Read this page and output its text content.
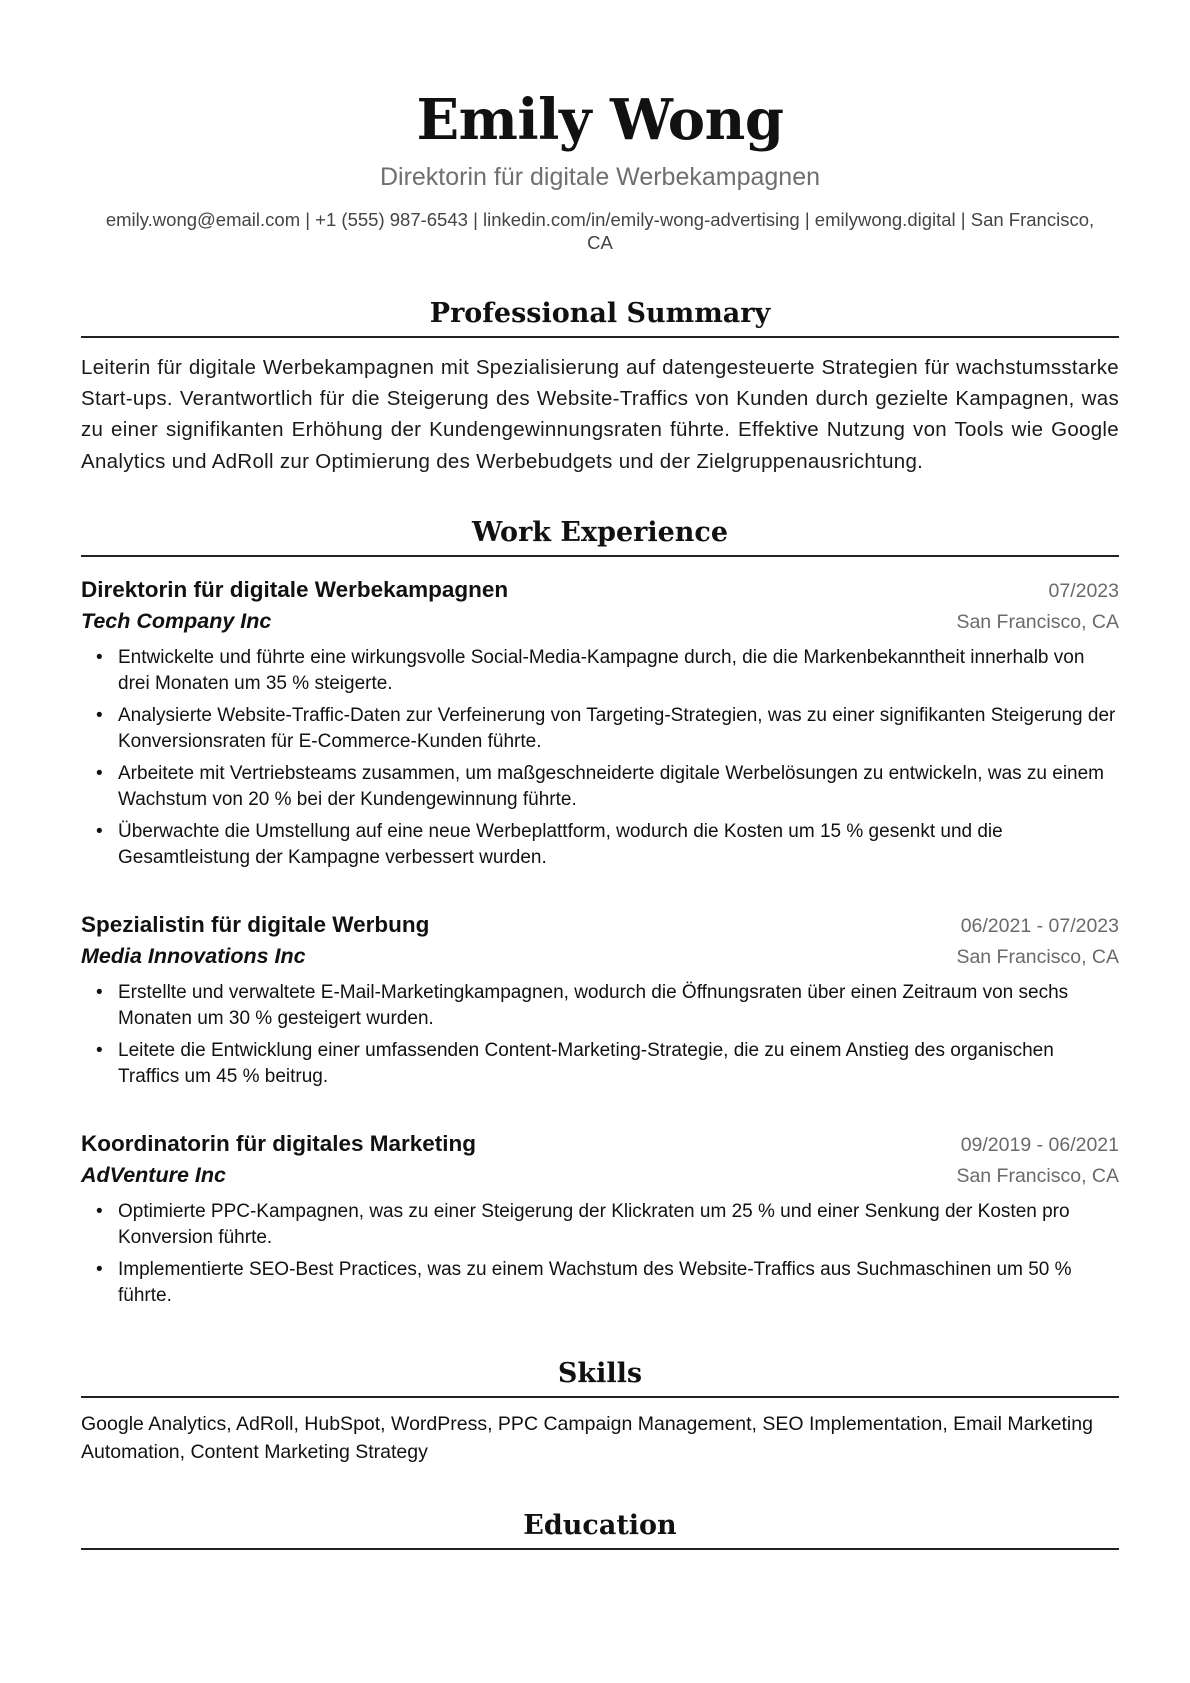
Emily Wong
Direktorin für digitale Werbekampagnen
emily.wong@email.com | +1 (555) 987-6543 | linkedin.com/in/emily-wong-advertising | emilywong.digital | San Francisco, CA
Professional Summary
Leiterin für digitale Werbekampagnen mit Spezialisierung auf datengesteuerte Strategien für wachstumsstarke Start-ups. Verantwortlich für die Steigerung des Website-Traffics von Kunden durch gezielte Kampagnen, was zu einer signifikanten Erhöhung der Kundengewinnungsraten führte. Effektive Nutzung von Tools wie Google Analytics und AdRoll zur Optimierung des Werbebudgets und der Zielgruppenausrichtung.
Work Experience
Direktorin für digitale Werbekampagnen	07/2023
Tech Company Inc	San Francisco, CA
• Entwickelte und führte eine wirkungsvolle Social-Media-Kampagne durch, die die Markenbekanntheit innerhalb von drei Monaten um 35 % steigerte.
• Analysierte Website-Traffic-Daten zur Verfeinerung von Targeting-Strategien, was zu einer signifikanten Steigerung der Konversionsraten für E-Commerce-Kunden führte.
• Arbeitete mit Vertriebsteams zusammen, um maßgeschneiderte digitale Werbelösungen zu entwickeln, was zu einem Wachstum von 20 % bei der Kundengewinnung führte.
• Überwachte die Umstellung auf eine neue Werbeplattform, wodurch die Kosten um 15 % gesenkt und die Gesamtleistung der Kampagne verbessert wurden.
Spezialistin für digitale Werbung	06/2021 - 07/2023
Media Innovations Inc	San Francisco, CA
• Erstellte und verwaltete E-Mail-Marketingkampagnen, wodurch die Öffnungsraten über einen Zeitraum von sechs Monaten um 30 % gesteigert wurden.
• Leitete die Entwicklung einer umfassenden Content-Marketing-Strategie, die zu einem Anstieg des organischen Traffics um 45 % beitrug.
Koordinatorin für digitales Marketing	09/2019 - 06/2021
AdVenture Inc	San Francisco, CA
• Optimierte PPC-Kampagnen, was zu einer Steigerung der Klickraten um 25 % und einer Senkung der Kosten pro Konversion führte.
• Implementierte SEO-Best Practices, was zu einem Wachstum des Website-Traffics aus Suchmaschinen um 50 % führte.
Skills
Google Analytics, AdRoll, HubSpot, WordPress, PPC Campaign Management, SEO Implementation, Email Marketing Automation, Content Marketing Strategy
Education
